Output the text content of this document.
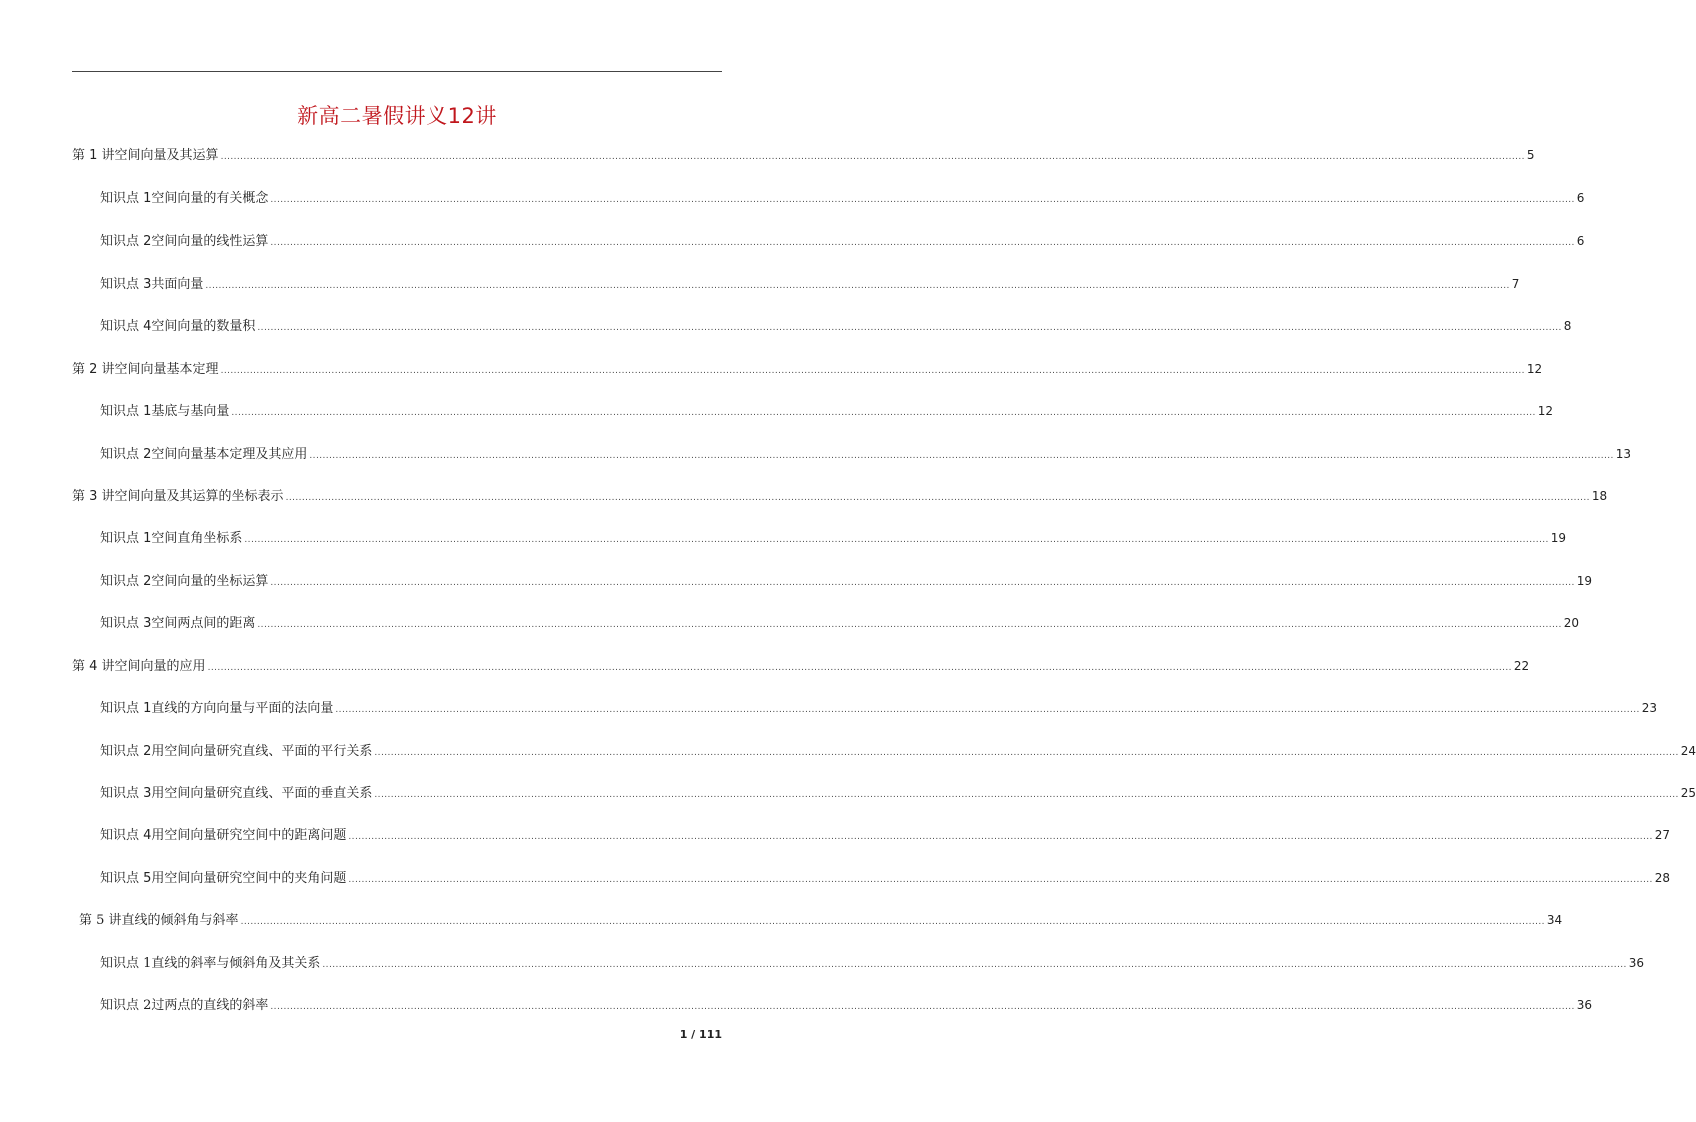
新高二暑假讲义12讲
第 1 讲 空间向量及其运算 ................................................................................................................................................................................................................................................................................................................................................................................................................ 5
知识点 1 空间向量的有关概念 ................................................................................................................................................................................................................................................................................................................................................................................................................ 6
知识点 2 空间向量的线性运算 ................................................................................................................................................................................................................................................................................................................................................................................................................ 6
知识点 3 共面向量 ................................................................................................................................................................................................................................................................................................................................................................................................................ 7
知识点 4 空间向量的数量积 ................................................................................................................................................................................................................................................................................................................................................................................................................ 8
第 2 讲 空间向量基本定理 ................................................................................................................................................................................................................................................................................................................................................................................................................ 12
知识点 1 基底与基向量 ................................................................................................................................................................................................................................................................................................................................................................................................................ 12
知识点 2 空间向量基本定理及其应用 ................................................................................................................................................................................................................................................................................................................................................................................................................ 13
第 3 讲 空间向量及其运算的坐标表示 ................................................................................................................................................................................................................................................................................................................................................................................................................ 18
知识点 1 空间直角坐标系 ................................................................................................................................................................................................................................................................................................................................................................................................................ 19
知识点 2 空间向量的坐标运算 ................................................................................................................................................................................................................................................................................................................................................................................................................ 19
知识点 3 空间两点间的距离 ................................................................................................................................................................................................................................................................................................................................................................................................................ 20
第 4 讲 空间向量的应用 ................................................................................................................................................................................................................................................................................................................................................................................................................ 22
知识点 1 直线的方向向量与平面的法向量 ................................................................................................................................................................................................................................................................................................................................................................................................................ 23
知识点 2 用空间向量研究直线、平面的平行关系 ................................................................................................................................................................................................................................................................................................................................................................................................................ 24
知识点 3 用空间向量研究直线、平面的垂直关系 ................................................................................................................................................................................................................................................................................................................................................................................................................ 25
知识点 4 用空间向量研究空间中的距离问题 ................................................................................................................................................................................................................................................................................................................................................................................................................ 27
知识点 5 用空间向量研究空间中的夹角问题 ................................................................................................................................................................................................................................................................................................................................................................................................................ 28
第 5 讲 直线的倾斜角与斜率 ................................................................................................................................................................................................................................................................................................................................................................................................................ 34
知识点 1 直线的斜率与倾斜角及其关系 ................................................................................................................................................................................................................................................................................................................................................................................................................ 36
知识点 2 过两点的直线的斜率 ................................................................................................................................................................................................................................................................................................................................................................................................................ 36
1 / 111
